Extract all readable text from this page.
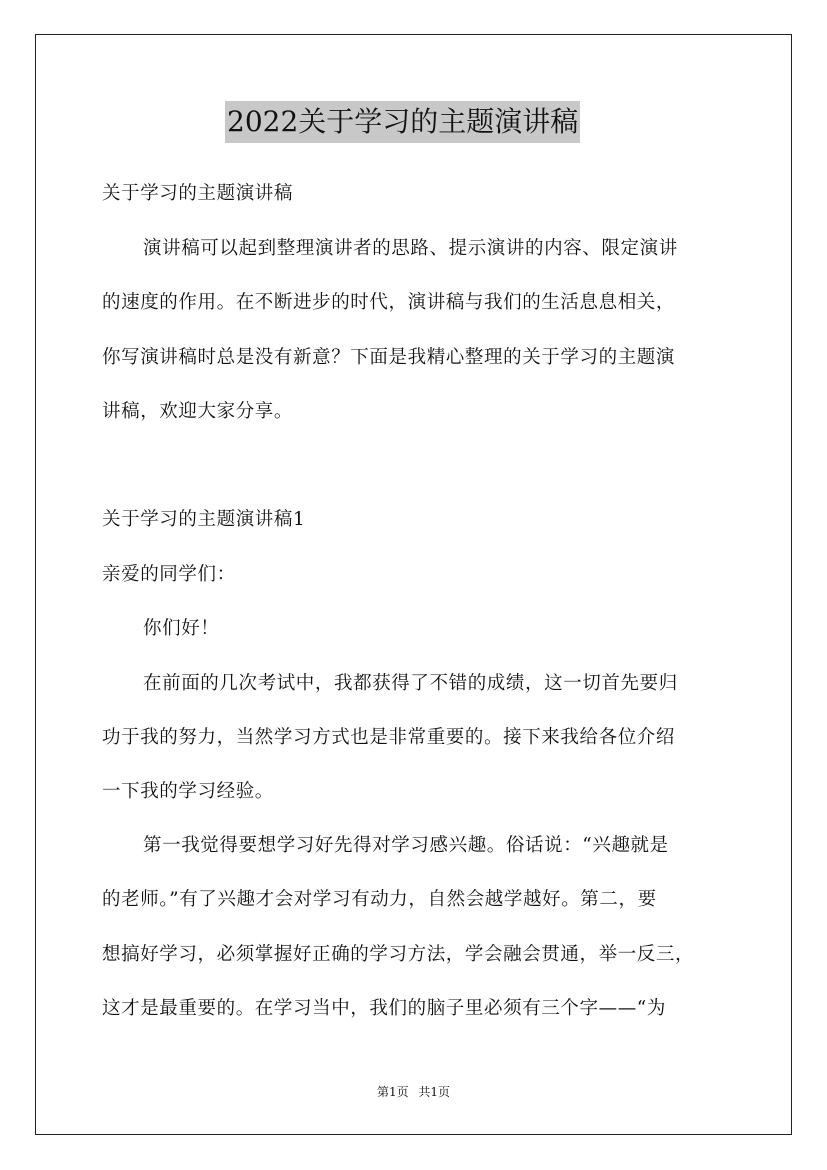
2022关于学习的主题演讲稿
关于学习的主题演讲稿
演讲稿可以起到整理演讲者的思路、提示演讲的内容、限定演讲
的速度的作用。在不断进步的时代，演讲稿与我们的生活息息相关，
你写演讲稿时总是没有新意？下面是我精心整理的关于学习的主题演
讲稿，欢迎大家分享。
关于学习的主题演讲稿1
亲爱的同学们：
你们好！
在前面的几次考试中，我都获得了不错的成绩，这一切首先要归
功于我的努力，当然学习方式也是非常重要的。接下来我给各位介绍
一下我的学习经验。
第一我觉得要想学习好先得对学习感兴趣。俗话说：“兴趣就是
的老师。”有了兴趣才会对学习有动力，自然会越学越好。第二，要
想搞好学习，必须掌握好正确的学习方法，学会融会贯通，举一反三，
这才是最重要的。在学习当中，我们的脑子里必须有三个字——“为
第1页 共1页
